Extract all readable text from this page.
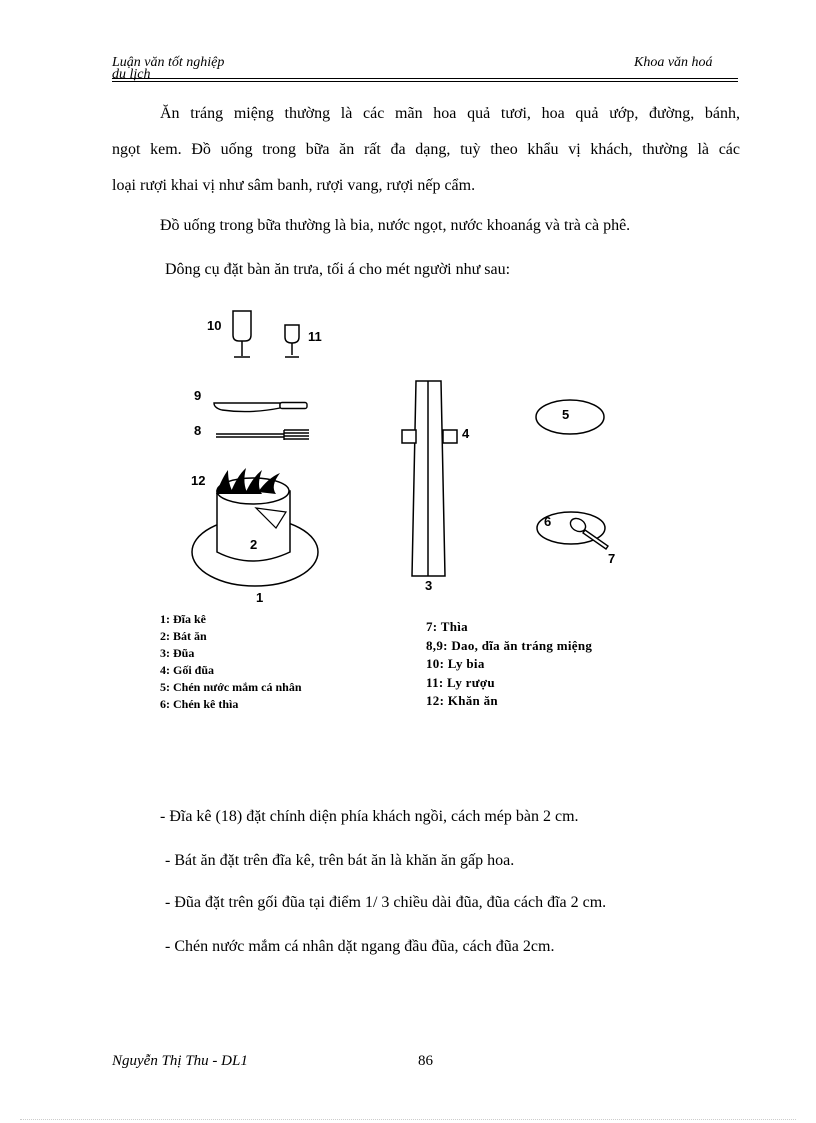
Luận văn tốt nghiệp
du lịch
Khoa văn hoá
Ăn tráng miệng thường là các mãn hoa quả tươi, hoa quả ướp, đường, bánh,
ngọt kem. Đồ uống trong bữa ăn rất đa dạng, tuỳ theo khẩu vị khách, thường là các
loại rượi khai vị như sâm banh, rượi vang, rượi nếp cẩm.
Đồ uống trong bữa thường là bia, nước ngọt, nước khoanág và trà cà phê.
Dông cụ đặt bàn ăn trưa, tối á cho mét người như sau:
10
11
9
8
12
2
1
3
4
5
6
7
1: Đĩa kê
2: Bát ăn
3: Đũa
4: Gối đũa
5: Chén nước mắm cá nhân
6: Chén kê thìa
7: Thìa
8,9: Dao, dĩa ăn tráng miệng
10: Ly bia
11: Ly rượu
12: Khăn ăn
- Đĩa kê (18) đặt chính diện phía khách ngồi, cách mép bàn 2 cm.
- Bát ăn đặt trên đĩa kê, trên bát ăn là khăn ăn gấp hoa.
- Đũa đặt trên gối đũa tại điểm 1/ 3 chiều dài đũa, đũa cách đĩa 2 cm.
- Chén nước mắm cá nhân dặt ngang đầu đũa, cách đũa 2cm.
Nguyễn Thị Thu - DL1	86
